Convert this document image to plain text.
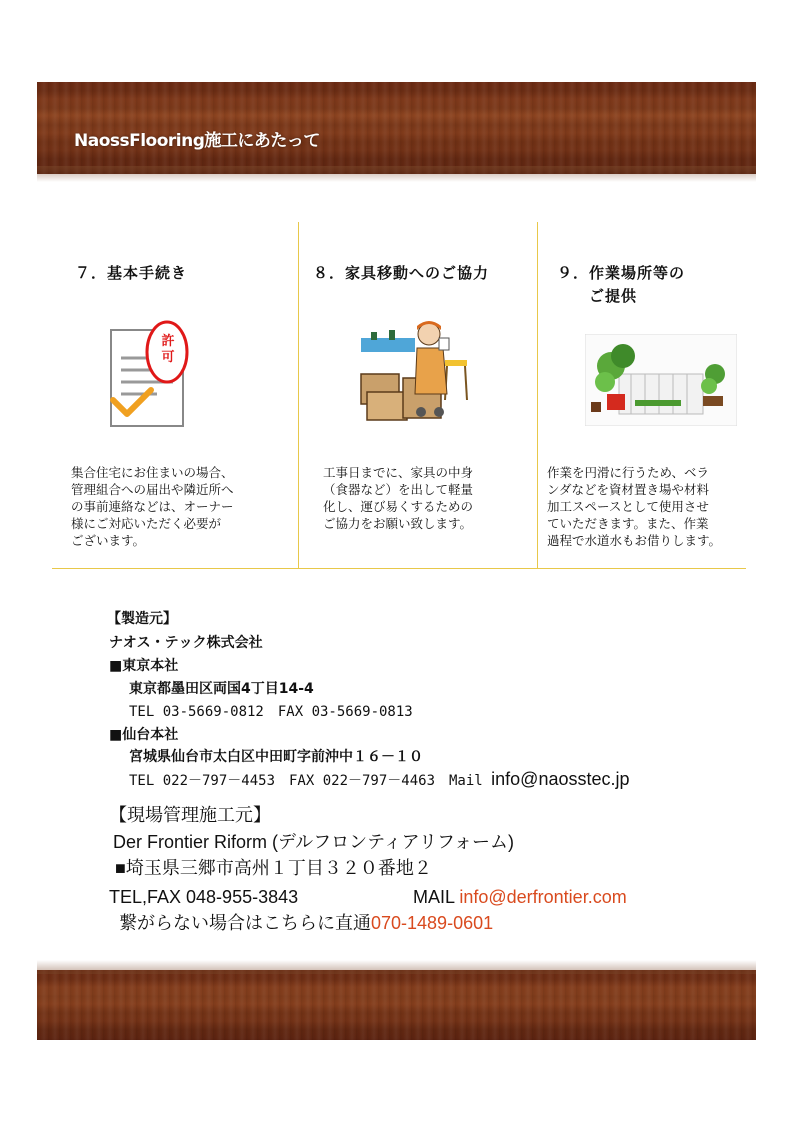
NaossFlooring施工にあたって
７．基本手続き
許可
集合住宅にお住まいの場合、
管理組合への届出や隣近所へ
の事前連絡などは、オーナー
様にご対応いただく必要が
ございます。
８．家具移動へのご協力
工事日までに、家具の中身
（食器など）を出して軽量
化し、運び易くするための
ご協力をお願い致します。
９．作業場所等の
ご提供
作業を円滑に行うため、ベラ
ンダなどを資材置き場や材料
加工スペースとして使用させ
ていただきます。また、作業
過程で水道水もお借りします。
【製造元】
ナオス・テック株式会社
■東京本社
東京都墨田区両国4丁目14-4
TEL 03-5669-0812　FAX 03-5669-0813
■仙台本社
宮城県仙台市太白区中田町字前沖中１６－１０
TEL 022－797－4453　FAX 022－797－4463　Mail info@naosstec.jp
【現場管理施工元】
Der Frontier Riform (デルフロンティアリフォーム)
■埼玉県三郷市高州１丁目３２０番地２
TEL,FAX 048-955-3843	MAIL info@derfrontier.com
繋がらない場合はこちらに直通070-1489-0601
